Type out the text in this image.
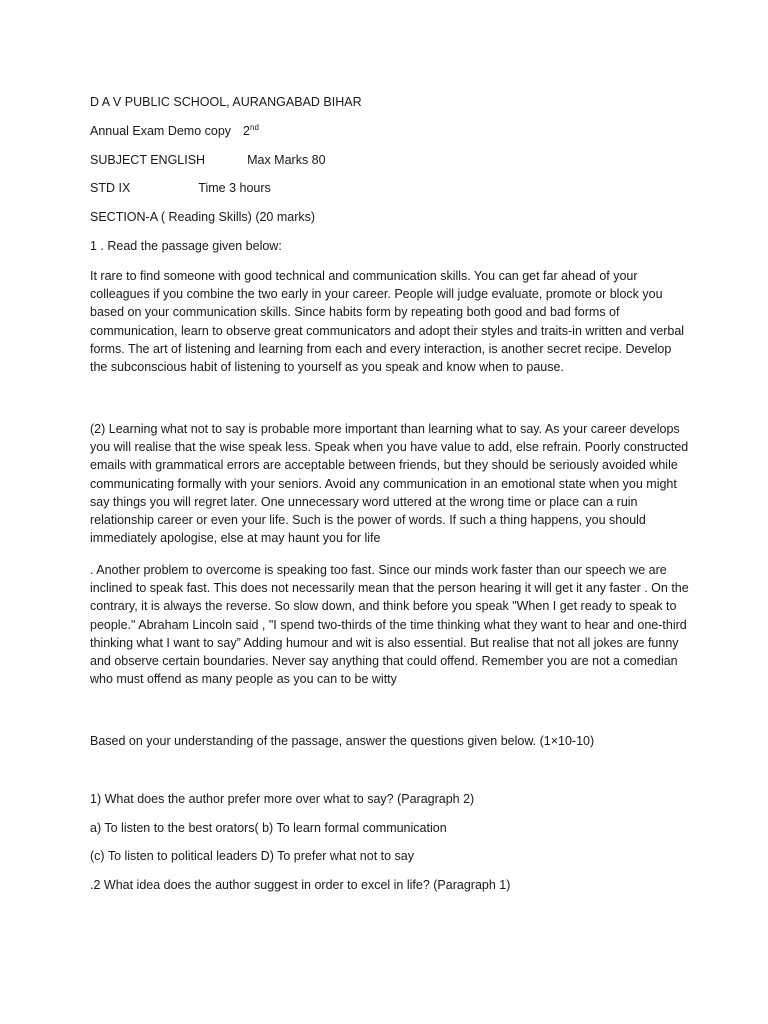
D A V PUBLIC SCHOOL, AURANGABAD BIHAR

Annual Exam Demo copy 2nd

SUBJECT ENGLISH	Max Marks 80

STD IX	Time 3 hours

SECTION-A ( Reading Skills) (20 marks)

1 . Read the passage given below:

It rare to find someone with good technical and communication skills. You can get far ahead of your colleagues if you combine the two early in your career. People will judge evaluate, promote or block you based on your communication skills. Since habits form by repeating both good and bad forms of communication, learn to observe great communicators and adopt their styles and traits-in written and verbal forms. The art of listening and learning from each and every interaction, is another secret recipe. Develop the subconscious habit of listening to yourself as you speak and know when to pause.

(2) Learning what not to say is probable more important than learning what to say. As your career develops you will realise that the wise speak less. Speak when you have value to add, else refrain. Poorly constructed emails with grammatical errors are acceptable between friends, but they should be seriously avoided while communicating formally with your seniors. Avoid any communication in an emotional state when you might say things you will regret later. One unnecessary word uttered at the wrong time or place can a ruin relationship career or even your life. Such is the power of words. If such a thing happens, you should immediately apologise, else at may haunt you for life

. Another problem to overcome is speaking too fast. Since our minds work faster than our speech we are inclined to speak fast. This does not necessarily mean that the person hearing it will get it any faster . On the contrary, it is always the reverse. So slow down, and think before you speak "When I get ready to speak to people." Abraham Lincoln said , "I spend two-thirds of the time thinking what they want to hear and one-third thinking what I want to say” Adding humour and wit is also essential. But realise that not all jokes are funny and observe certain boundaries. Never say anything that could offend. Remember you are not a comedian who must offend as many people as you can to be witty

Based on your understanding of the passage, answer the questions given below. (1×10-10)

1) What does the author prefer more over what to say? (Paragraph 2)

a) To listen to the best orators( b) To learn formal communication

(c) To listen to political leaders D) To prefer what not to say

.2 What idea does the author suggest in order to excel in life? (Paragraph 1)
